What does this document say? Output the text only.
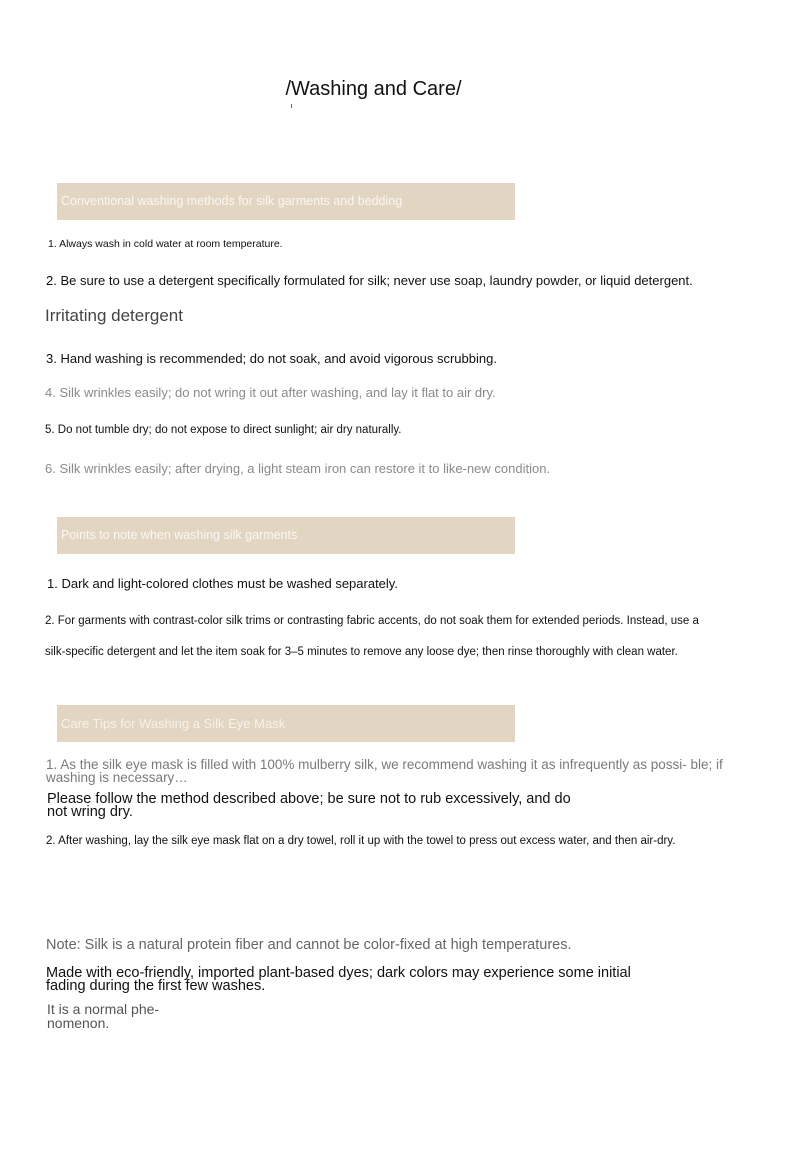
/Washing and Care/
Conventional washing methods for silk garments and bedding

1. Always wash in cold water at room temperature.

2. Be sure to use a detergent specifically formulated for silk; never use soap, laundry powder, or liquid detergent.

Irritating detergent

3. Hand washing is recommended; do not soak, and avoid vigorous scrubbing.

4. Silk wrinkles easily; do not wring it out after washing, and lay it flat to air dry.

5. Do not tumble dry; do not expose to direct sunlight; air dry naturally.

6. Silk wrinkles easily; after drying, a light steam iron can restore it to like-new condition.

Points to note when washing silk garments

1. Dark and light-colored clothes must be washed separately.

2. For garments with contrast-color silk trims or contrasting fabric accents, do not soak them for extended periods. Instead, use a

silk-specific detergent and let the item soak for 3–5 minutes to remove any loose dye; then rinse thoroughly with clean water.

Care Tips for Washing a Silk Eye Mask

1. As the silk eye mask is filled with 100% mulberry silk, we recommend washing it as infrequently as possi- ble; if washing is necessary…

Please follow the method described above; be sure not to rub excessively, and do not wring dry.

2. After washing, lay the silk eye mask flat on a dry towel, roll it up with the towel to press out excess water, and then air-dry.

Note: Silk is a natural protein fiber and cannot be color-fixed at high temperatures.

Made with eco-friendly, imported plant-based dyes; dark colors may experience some initial fading during the first few washes.

It is a normal phe- nomenon.
